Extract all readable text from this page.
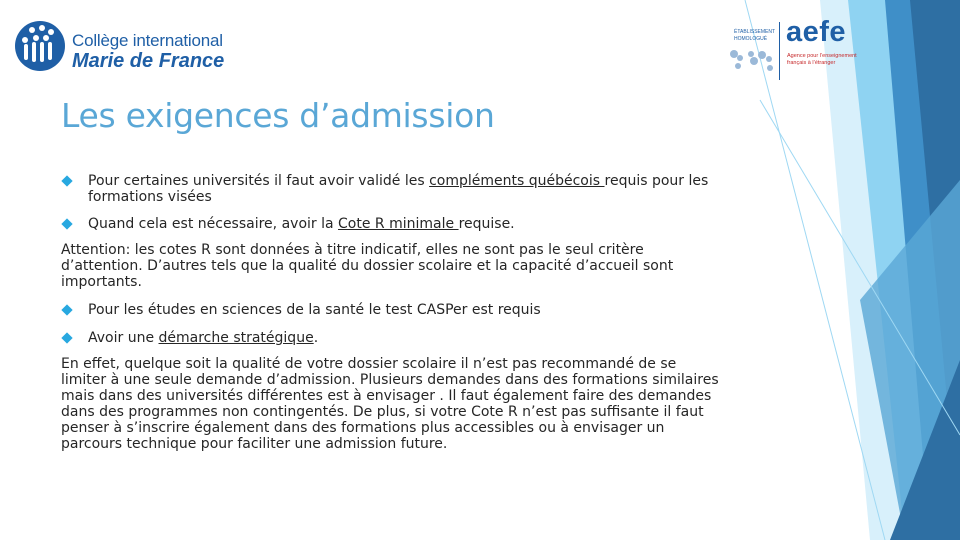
Collège international
Marie de France
ÉTABLISSEMENT HOMOLOGUÉ aefe
Agence pour l’enseignement français à l’étranger
Les exigences d’admission

Pour certaines universités il faut avoir validé les compléments québécois requis pour les formations visées

Quand cela est nécessaire, avoir la Cote R minimale requise.

Attention: les cotes R sont données à titre indicatif, elles ne sont pas le seul critère d’attention. D’autres tels que la qualité du dossier scolaire et la capacité d’accueil sont importants.

Pour les études en sciences de la santé le test CASPer est requis

Avoir une démarche stratégique.

En effet, quelque soit la qualité de votre dossier scolaire il n’est pas recommandé de se limiter à une seule demande d’admission. Plusieurs demandes dans des formations similaires mais dans des universités différentes est à envisager . Il faut également faire des demandes dans des programmes non contingentés. De plus, si votre Cote R n’est pas suffisante il faut penser à s’inscrire également dans des formations plus accessibles ou à envisager un parcours technique pour faciliter une admission future.
